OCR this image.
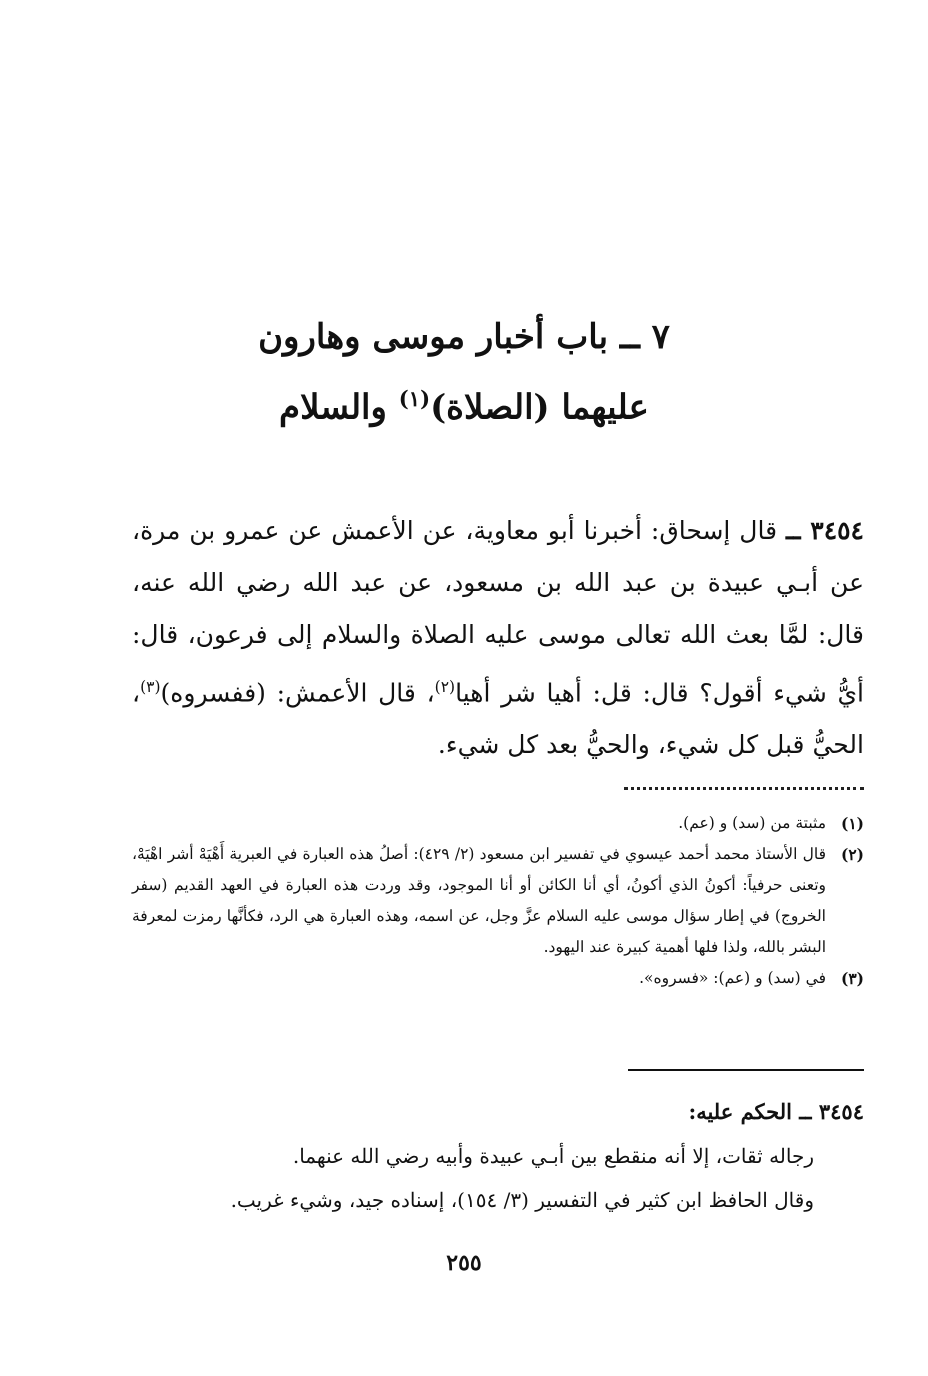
٧ ــ باب أخبار موسى وهارون
عليهما (الصلاة)$^{(١)}$ والسلام
٣٤٥٤ ــ قال إسحاق: أخبرنا أبو معاوية، عن الأعمش عن عمرو بن مرة، عن أبـي عبيدة بن عبد الله بن مسعود، عن عبد الله رضي الله عنه، قال: لمَّا بعث الله تعالى موسى عليه الصلاة والسلام إلى فرعون، قال: أيُّ شيء أقول؟ قال: قل: أهيا شر أهيا$^{(٢)}$، قال الأعمش: (ففسروه)$^{(٣)}$، الحيُّ قبل كل شيء، والحيُّ بعد كل شيء.
(١)
مثبتة من (سد) و (عم).
(٢)
قال الأستاذ محمد أحمد عيسوي في تفسير ابن مسعود (٢/ ٤٢٩): أصلُ هذه العبارة في العبرية أَهْيَهْ أشر اهْيَهْ، وتعنى حرفياً: أكونُ الذي أكونُ، أي أنا الكائن أو أنا الموجود، وقد وردت هذه العبارة في العهد القديم (سفر الخروج) في إطار سؤال موسى عليه السلام عزَّ وجل، عن اسمه، وهذه العبارة هي الرد، فكأنَّها رمزت لمعرفة البشر بالله، ولذا فلها أهمية كبيرة عند اليهود.
(٣)
في (سد) و (عم): «فسروه».
٣٤٥٤ ــ الحكم عليه:
رجاله ثقات، إلا أنه منقطع بين أبـي عبيدة وأبيه رضي الله عنهما.
وقال الحافظ ابن كثير في التفسير (٣/ ١٥٤)، إسناده جيد، وشيء غريب.
٢٥٥
